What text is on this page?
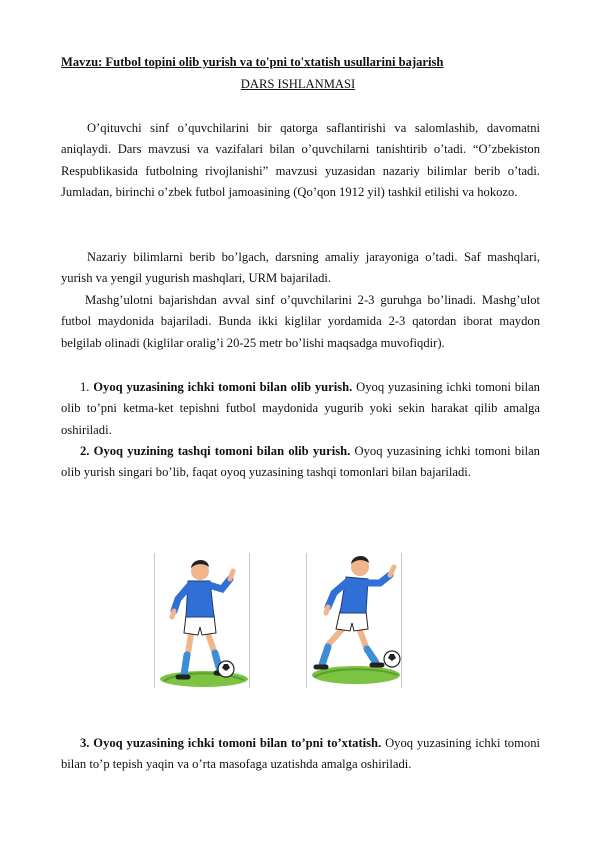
Mavzu: Futbol topini olib yurish va to'pni to'xtatish usullarini bajarish
DARS ISHLANMASI
O’qituvchi sinf o’quvchilarini bir qatorga saflantirishi va salomlashib, davomatni aniqlaydi. Dars mavzusi va vazifalari bilan o’quvchilarni tanishtirib o’tadi. “O’zbekiston Respublikasida futbolning rivojlanishi” mavzusi yuzasidan nazariy bilimlar berib o’tadi. Jumladan, birinchi o’zbek futbol jamoasining (Qo’qon 1912 yil) tashkil etilishi va hokozo.
Nazariy bilimlarni berib bo’lgach, darsning amaliy jarayoniga o’tadi. Saf mashqlari, yurish va yengil yugurish mashqlari, URM bajariladi.
Mashg’ulotni bajarishdan avval sinf o’quvchilarini 2-3 guruhga bo’linadi. Mashg’ulot futbol maydonida bajariladi. Bunda ikki kiglilar yordamida 2-3 qatordan iborat maydon belgilab olinadi (kiglilar oralig’i 20-25 metr bo’lishi maqsadga muvofiqdir).
1. Oyoq yuzasining ichki tomoni bilan olib yurish. Oyoq yuzasining ichki tomoni bilan olib to’pni ketma-ket tepishni futbol maydonida yugurib yoki sekin harakat qilib amalga oshiriladi.
2. Oyoq yuzining tashqi tomoni bilan olib yurish. Oyoq yuzasining ichki tomoni bilan olib yurish singari bo’lib, faqat oyoq yuzasining tashqi tomonlari bilan bajariladi.
3. Oyoq yuzasining ichki tomoni bilan to’pni to’xtatish. Oyoq yuzasining ichki tomoni bilan to’p tepish yaqin va o’rta masofaga uzatishda amalga oshiriladi.
